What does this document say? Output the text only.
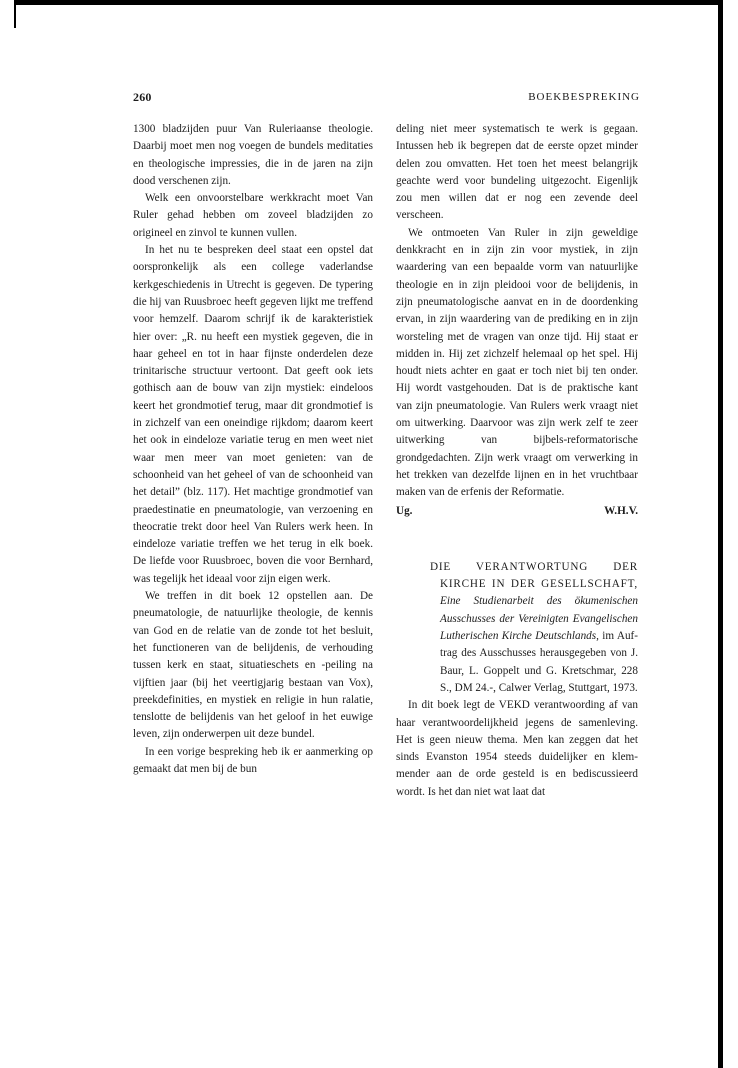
260	BOEKBESPREKING

1300 bladzijden puur Van Ruleriaanse theologie. Daarbij moet men nog voegen de bundels meditaties en theologische impressies, die in de jaren na zijn dood verschenen zijn.

Welk een onvoorstelbare werkkracht moet Van Ruler gehad hebben om zoveel bladzijden zo origineel en zinvol te kunnen vullen.

In het nu te bespreken deel staat een opstel dat oorspronkelijk als een college vaderlandse kerkgeschiedenis in Utrecht is gegeven. De typering die hij van Ruusbroec heeft gegeven lijkt me treffend voor hemzelf. Daarom schrijf ik de karakteristiek hier over: „R. nu heeft een mystiek gegeven, die in haar geheel en tot in haar fijnste onderdelen deze trinitarische structuur vertoont. Dat geeft ook iets gothisch aan de bouw van zijn mystiek: eindeloos keert het grondmotief terug, maar dit grondmotief is in zichzelf van een oneindige rijkdom; daarom keert het ook in eindeloze variatie terug en men weet niet waar men meer van moet genieten: van de schoonheid van het geheel of van de schoonheid van het detail” (blz. 117). Het machtige grondmotief van praedestinatie en pneumatologie, van verzoening en theocratie trekt door heel Van Rulers werk heen. In eindeloze variatie treffen we het terug in elk boek. De liefde voor Ruusbroec, boven die voor Bernhard, was tegelijk het ideaal voor zijn eigen werk.

We treffen in dit boek 12 opstellen aan. De pneumatologie, de natuurlijke theologie, de kennis van God en de relatie van de zonde tot het besluit, het functioneren van de belijdenis, de verhouding tussen kerk en staat, situatieschets en -peiling na vijftien jaar (bij het veertigjarig bestaan van Vox), preekdefinities, en mystiek en religie in hun ralatie, tenslotte de belijdenis van het geloof in het euwige leven, zijn onderwerpen uit deze bundel.

In een vorige bespreking heb ik er aanmerking op gemaakt dat men bij de bun

deling niet meer systematisch te werk is gegaan. Intussen heb ik begrepen dat de eerste opzet minder delen zou omvatten. Het toen het meest belangrijk geachte werd voor bundeling uitgezocht. Eigenlijk zou men willen dat er nog een zevende deel verscheen.

We ontmoeten Van Ruler in zijn geweldige denkkracht en in zijn zin voor mystiek, in zijn waardering van een bepaalde vorm van natuurlijke theologie en in zijn pleidooi voor de belijdenis, in zijn pneumatologische aanvat en in de doordenking ervan, in zijn waardering van de prediking en in zijn worsteling met de vragen van onze tijd. Hij staat er midden in. Hij zet zichzelf helemaal op het spel. Hij houdt niets achter en gaat er toch niet bij ten onder. Hij wordt vastgehouden. Dat is de praktische kant van zijn pneumatologie. Van Rulers werk vraagt niet om uitwerking. Daarvoor was zijn werk zelf te zeer uitwerking van bijbels-reformatorische grondgedachten. Zijn werk vraagt om verwerking in het trekken van dezelfde lijnen en in het vruchtbaar maken van de erfenis der Reformatie.

Ug.	W.H.V.
DIE VERANTWORTUNG DER KIRCHE IN DER GESELLSCHAFT, Eine Studienarbeit des ökumenischen Ausschusses der Vereinigten Evangelischen Lutherischen Kirche Deutschlands, im Auftrag des Ausschusses herausgegeben von J. Baur, L. Goppelt und G. Kretschmar, 228 S., DM 24.-, Calwer Verlag, Stuttgart, 1973.

In dit boek legt de VEKD verantwoording af van haar verantwoordelijkheid jegens de samenleving. Het is geen nieuw thema. Men kan zeggen dat het sinds Evanston 1954 steeds duidelijker en klemmender aan de orde gesteld is en bediscussieerd wordt. Is het dan niet wat laat dat
